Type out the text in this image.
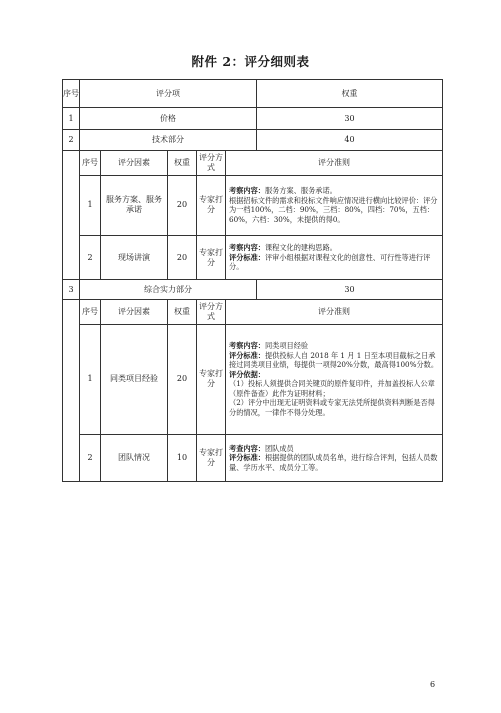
附件 2：评分细则表
序号	评分项	权重
1	价格	30
2	技术部分	40

序号	评分因素	权重	评分方式	评分准则
1	服务方案、服务承诺	20	专家打分	考察内容：服务方案、服务承诺。
根据招标文件的需求和投标文件响应情况进行横向比较评价：评分为一档100%，二档：90%，三档：80%，四档：70%，五档：60%，六档：30%，未提供的得0。
2	现场讲演	20	专家打分	考察内容：课程文化的建构思路。
评分标准：评审小组根据对课程文化的创意性、可行性等进行评分。

3	综合实力部分	30

序号	评分因素	权重	评分方式	评分准则
1	同类项目经验	20	专家打分	考察内容：同类项目经验
评分标准：提供投标人自 2018 年 1 月 1 日至本项目截标之日承接过同类项目业绩，每提供一项得20%分数，最高得100%分数。
评分依据：
（1）投标人须提供合同关键页的原件复印件，并加盖投标人公章（原件备查）此作为证明材料；
（2）评分中出现无证明资料或专家无法凭所提供资料判断是否得分的情况，一律作不得分处理。
2	团队情况	10	专家打分	考查内容：团队成员
评分标准：根据提供的团队成员名单，进行综合评判，包括人员数量、学历水平、成员分工等。
6
